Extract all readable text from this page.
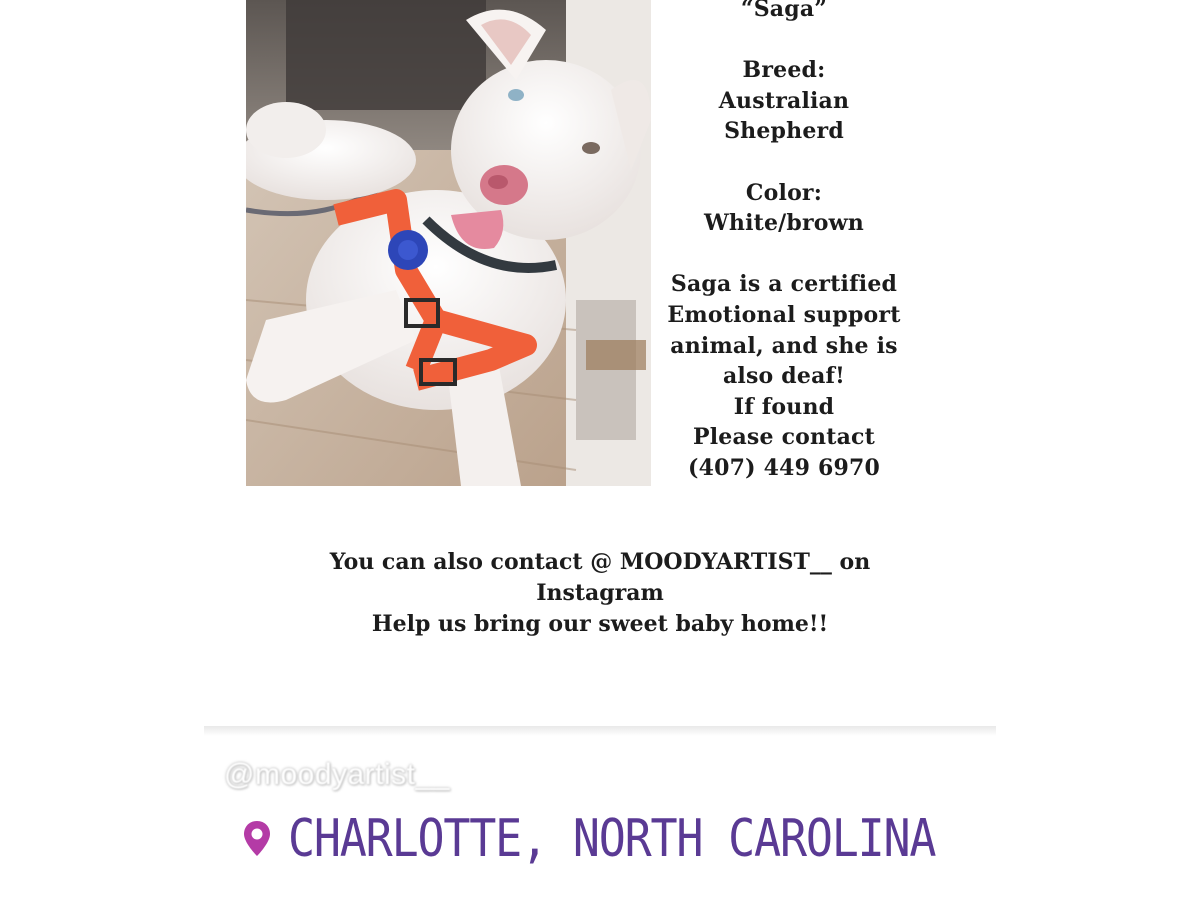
“Saga”

Breed:

Australian

Shepherd

Color:

White/brown

Saga is a certified

Emotional support

animal, and she is

also deaf!

If found

Please contact

(407) 449 6970

You can also contact @ MOODYARTIST__ on

Instagram

Help us bring our sweet baby home!!

@moodyartist__
CHARLOTTE, NORTH CAROLINA
